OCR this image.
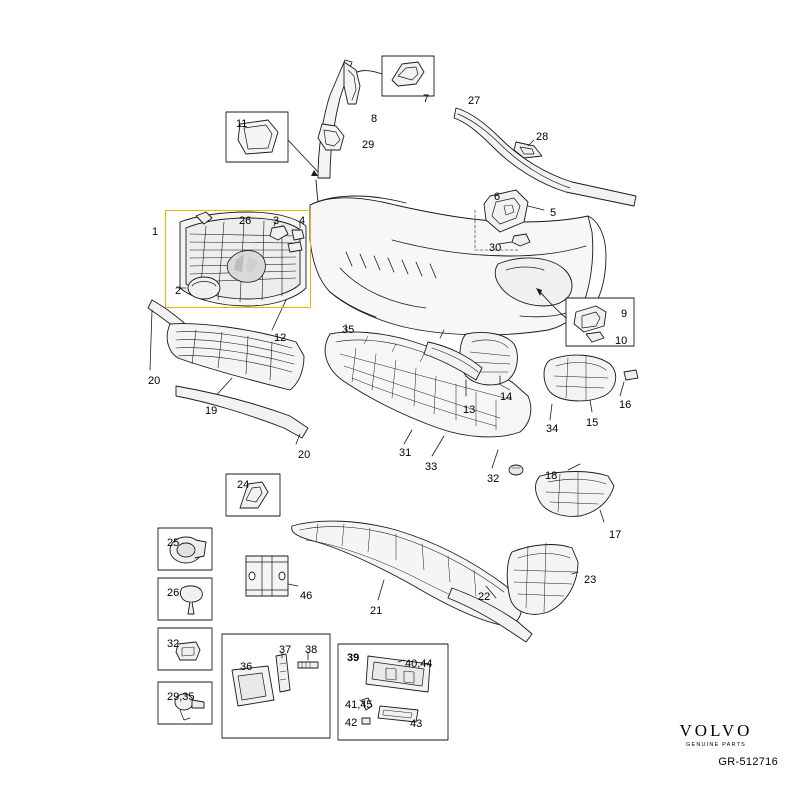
1
2
3 4
5
6
7
8
9
10
11
12
13
14
15
16
17
18
19
20
20
21
22
23
24
25
26
26
27
28
29
29,35
30
31
32
32
33
34
35
36
37 38
39	40,44
41,45
42	43
46
VOLVO
GENUINE PARTS
GR-512716
